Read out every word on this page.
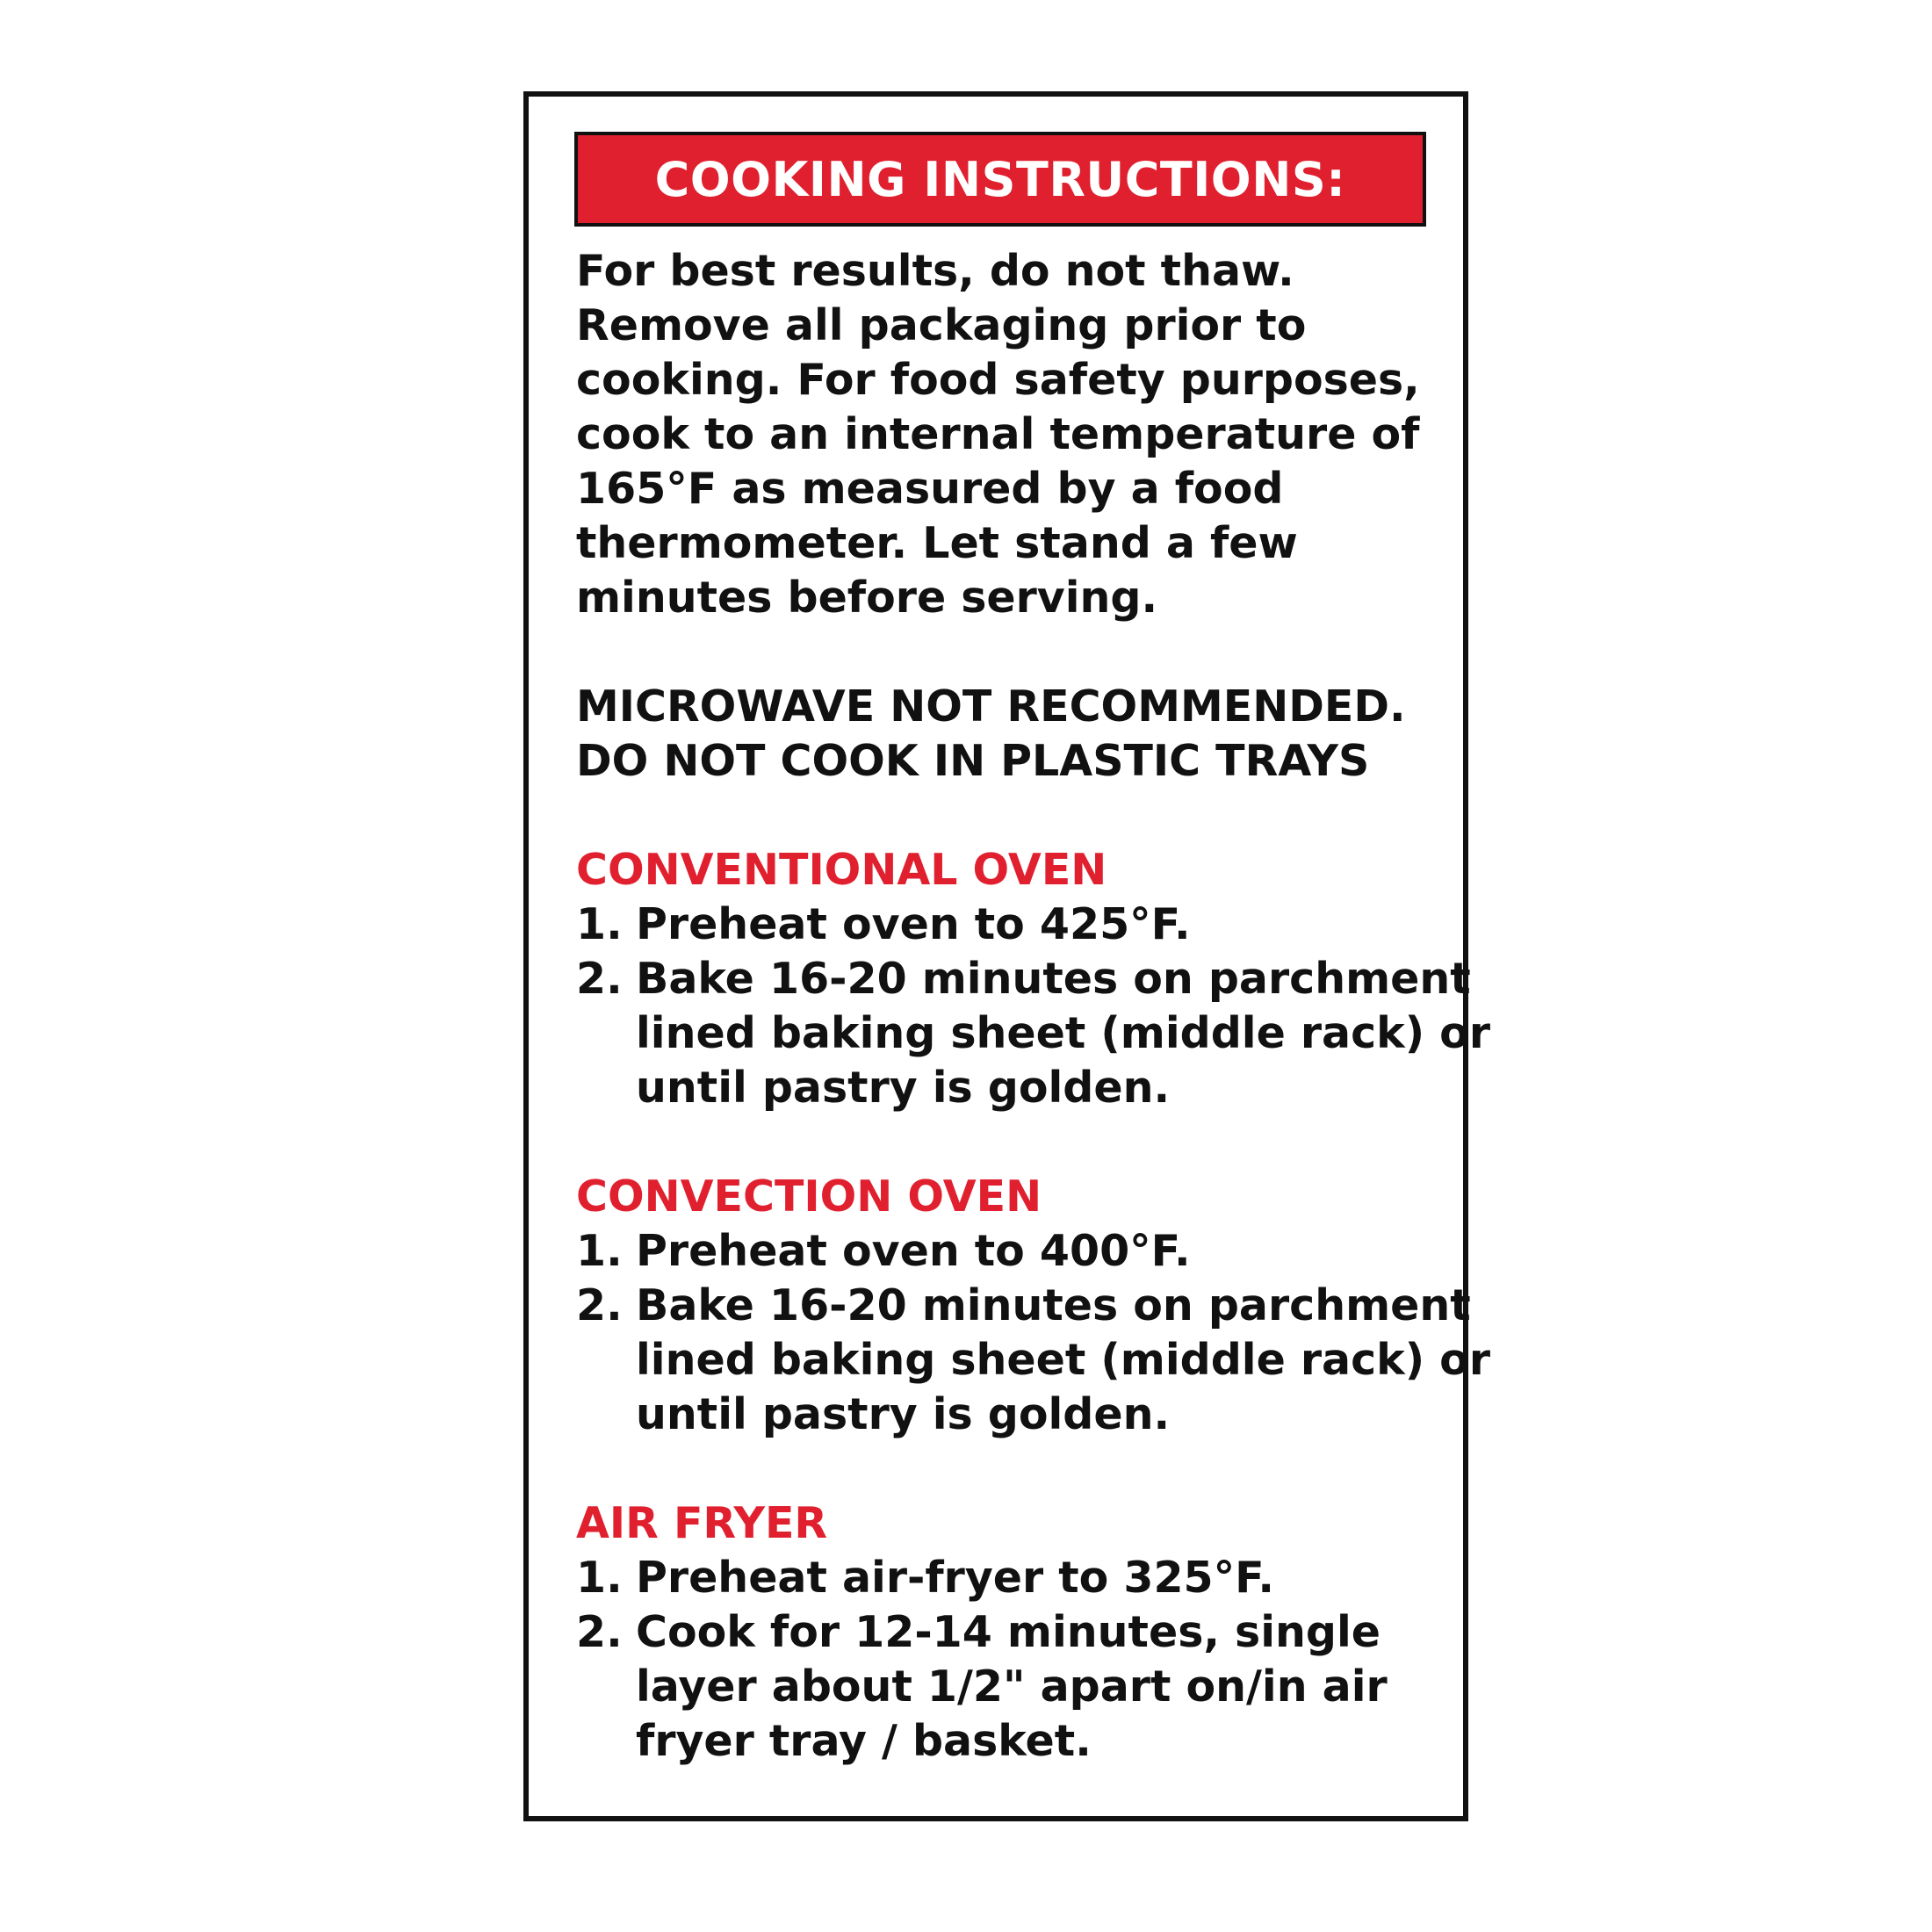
COOKING INSTRUCTIONS:
For best results, do not thaw.
Remove all packaging prior to
cooking. For food safety purposes,
cook to an internal temperature of
165°F as measured by a food
thermometer. Let stand a few
minutes before serving.
MICROWAVE NOT RECOMMENDED.
DO NOT COOK IN PLASTIC TRAYS
CONVENTIONAL OVEN
1. Preheat oven to 425°F.
2. Bake 16-20 minutes on parchment
lined baking sheet (middle rack) or
until pastry is golden.
CONVECTION OVEN
1. Preheat oven to 400°F.
2. Bake 16-20 minutes on parchment
lined baking sheet (middle rack) or
until pastry is golden.
AIR FRYER
1. Preheat air-fryer to 325°F.
2. Cook for 12-14 minutes, single
layer about 1/2" apart on/in air
fryer tray / basket.
